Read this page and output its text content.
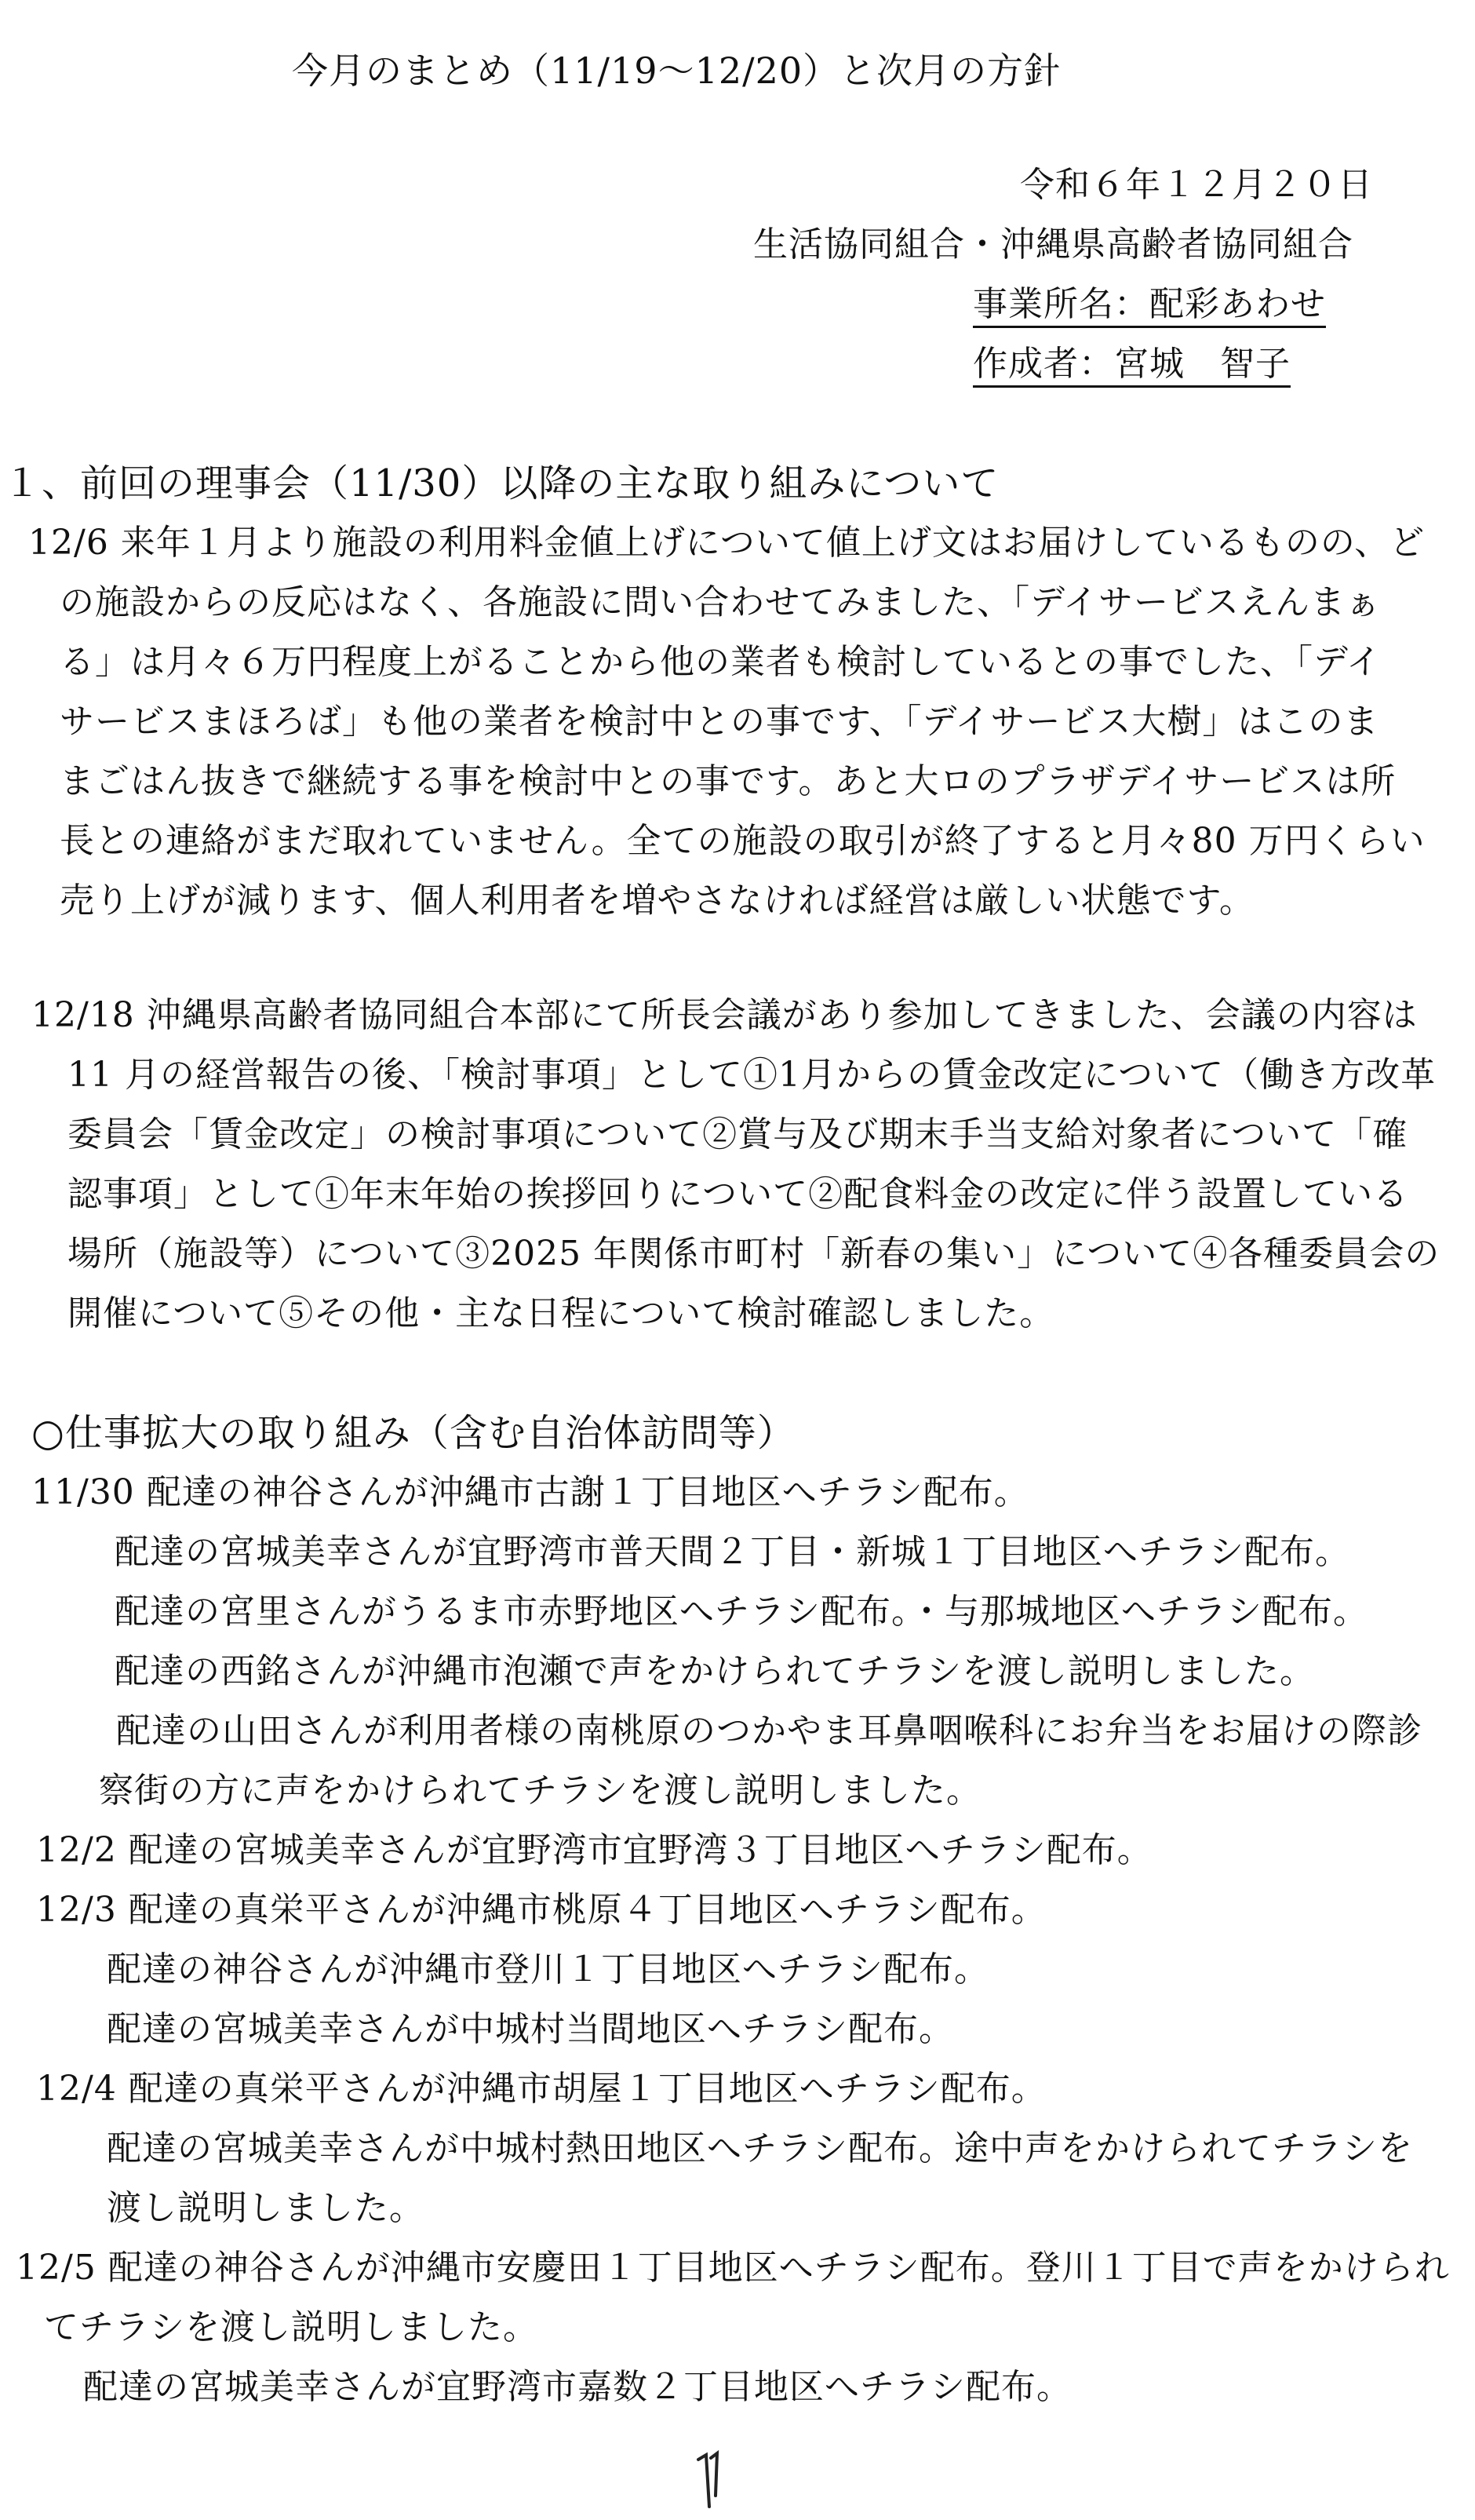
今月のまとめ（11/19〜12/20）と次月の方針
令和６年１２月２０日
生活協同組合・沖縄県高齢者協同組合
事業所名：配彩あわせ
作成者：宮城　智子
１、前回の理事会（11/30）以降の主な取り組みについて
12/6 来年１月より施設の利用料金値上げについて値上げ文はお届けしているものの、ど
の施設からの反応はなく、各施設に問い合わせてみました、「デイサービスえんまぁ
る」は月々６万円程度上がることから他の業者も検討しているとの事でした、「デイ
サービスまほろば」も他の業者を検討中との事です、「デイサービス大樹」はこのま
まごはん抜きで継続する事を検討中との事です。あと大ロのプラザデイサービスは所
長との連絡がまだ取れていません。全ての施設の取引が終了すると月々80 万円くらい
売り上げが減ります、個人利用者を増やさなければ経営は厳しい状態です。
12/18 沖縄県高齢者協同組合本部にて所長会議があり参加してきました、会議の内容は
11 月の経営報告の後、「検討事項」として①1月からの賃金改定について（働き方改革
委員会「賃金改定」の検討事項について②賞与及び期末手当支給対象者について「確
認事項」として①年末年始の挨拶回りについて②配食料金の改定に伴う設置している
場所（施設等）について③2025 年関係市町村「新春の集い」について④各種委員会の
開催について⑤その他・主な日程について検討確認しました。
○仕事拡大の取り組み（含む自治体訪問等）
11/30 配達の神谷さんが沖縄市古謝１丁目地区へチラシ配布。
配達の宮城美幸さんが宜野湾市普天間２丁目・新城１丁目地区へチラシ配布。
配達の宮里さんがうるま市赤野地区へチラシ配布。・与那城地区へチラシ配布。
配達の西銘さんが沖縄市泡瀬で声をかけられてチラシを渡し説明しました。
配達の山田さんが利用者様の南桃原のつかやま耳鼻咽喉科にお弁当をお届けの際診
察街の方に声をかけられてチラシを渡し説明しました。
12/2 配達の宮城美幸さんが宜野湾市宜野湾３丁目地区へチラシ配布。
12/3 配達の真栄平さんが沖縄市桃原４丁目地区へチラシ配布。
配達の神谷さんが沖縄市登川１丁目地区へチラシ配布。
配達の宮城美幸さんが中城村当間地区へチラシ配布。
12/4 配達の真栄平さんが沖縄市胡屋１丁目地区へチラシ配布。
配達の宮城美幸さんが中城村熱田地区へチラシ配布。途中声をかけられてチラシを
渡し説明しました。
12/5 配達の神谷さんが沖縄市安慶田１丁目地区へチラシ配布。登川１丁目で声をかけられ
てチラシを渡し説明しました。
配達の宮城美幸さんが宜野湾市嘉数２丁目地区へチラシ配布。
